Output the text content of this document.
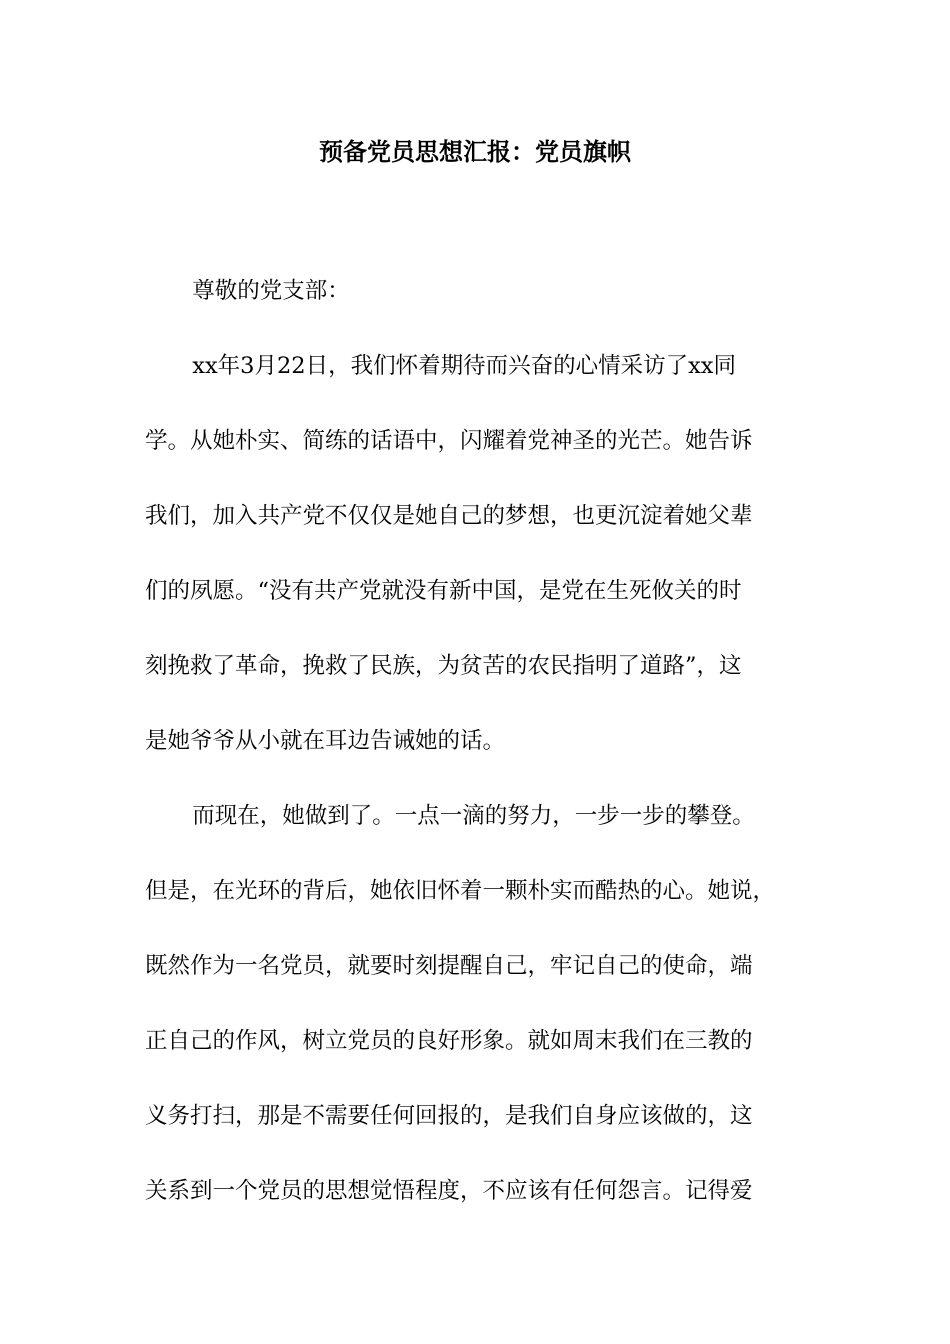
预备党员思想汇报：党员旗帜

尊敬的党支部：

xx年3月22日，我们怀着期待而兴奋的心情采访了xx同
学。从她朴实、简练的话语中，闪耀着党神圣的光芒。她告诉
我们，加入共产党不仅仅是她自己的梦想，也更沉淀着她父辈
们的夙愿。“没有共产党就没有新中国，是党在生死攸关的时
刻挽救了革命，挽救了民族，为贫苦的农民指明了道路”，这
是她爷爷从小就在耳边告诫她的话。

而现在，她做到了。一点一滴的努力，一步一步的攀登。
但是，在光环的背后，她依旧怀着一颗朴实而酷热的心。她说，
既然作为一名党员，就要时刻提醒自己，牢记自己的使命，端
正自己的作风，树立党员的良好形象。就如周末我们在三教的
义务打扫，那是不需要任何回报的，是我们自身应该做的，这
关系到一个党员的思想觉悟程度，不应该有任何怨言。记得爱
